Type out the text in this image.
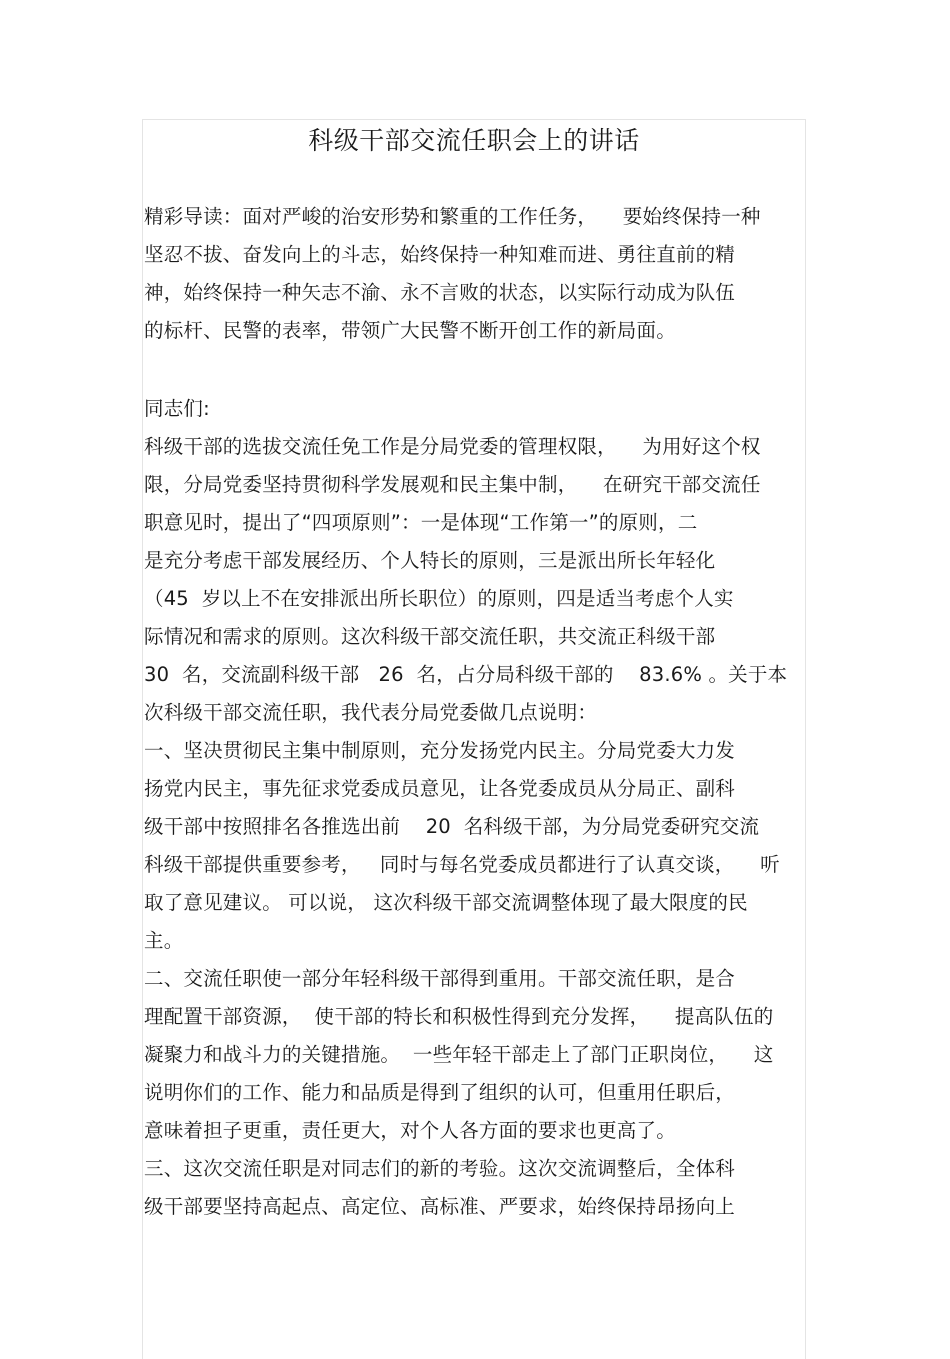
科级干部交流任职会上的讲话
精彩导读：面对严峻的治安形势和繁重的工作任务，    要始终保持一种
坚忍不拔、奋发向上的斗志，始终保持一种知难而进、勇往直前的精
神，始终保持一种矢志不渝、永不言败的状态，以实际行动成为队伍
的标杆、民警的表率，带领广大民警不断开创工作的新局面。
同志们:
科级干部的选拔交流任免工作是分局党委的管理权限，    为用好这个权
限，分局党委坚持贯彻科学发展观和民主集中制，    在研究干部交流任
职意见时，提出了“四项原则”：一是体现“工作第一”的原则，二
是充分考虑干部发展经历、个人特长的原则，三是派出所长年轻化
（45  岁以上不在安排派出所长职位）的原则，四是适当考虑个人实
际情况和需求的原则。这次科级干部交流任职，共交流正科级干部
30  名，交流副科级干部   26  名，占分局科级干部的    83.6% 。关于本
次科级干部交流任职，我代表分局党委做几点说明：
一、坚决贯彻民主集中制原则，充分发扬党内民主。分局党委大力发
扬党内民主，事先征求党委成员意见，让各党委成员从分局正、副科
级干部中按照排名各推选出前    20  名科级干部，为分局党委研究交流
科级干部提供重要参考，   同时与每名党委成员都进行了认真交谈，    听
取了意见建议。 可以说， 这次科级干部交流调整体现了最大限度的民
主。
二、交流任职使一部分年轻科级干部得到重用。干部交流任职，是合
理配置干部资源，  使干部的特长和积极性得到充分发挥，    提高队伍的
凝聚力和战斗力的关键措施。  一些年轻干部走上了部门正职岗位，    这
说明你们的工作、能力和品质是得到了组织的认可，但重用任职后，
意味着担子更重，责任更大，对个人各方面的要求也更高了。
三、这次交流任职是对同志们的新的考验。这次交流调整后，全体科
级干部要坚持高起点、高定位、高标准、严要求，始终保持昂扬向上
